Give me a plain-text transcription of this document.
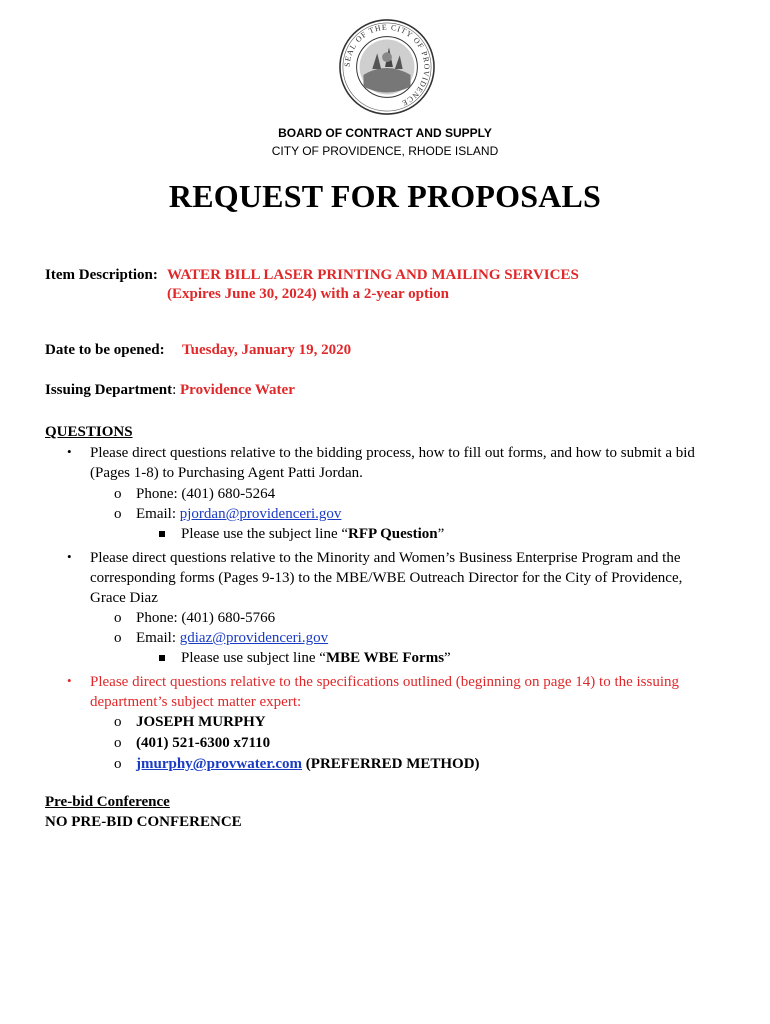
SEAL OF THE CITY OF PROVIDENCE
BOARD OF CONTRACT AND SUPPLY
CITY OF PROVIDENCE, RHODE ISLAND
REQUEST FOR PROPOSALS
Item Description: WATER BILL LASER PRINTING AND MAILING SERVICES
(Expires June 30, 2024) with a 2-year option
Date to be opened: Tuesday, January 19, 2020
Issuing Department: Providence Water
QUESTIONS
• Please direct questions relative to the bidding process, how to fill out forms, and how to submit a bid
(Pages 1-8) to Purchasing Agent Patti Jordan.
o Phone: (401) 680-5264
o Email: pjordan@providenceri.gov
Please use the subject line “RFP Question”
• Please direct questions relative to the Minority and Women’s Business Enterprise Program and the
corresponding forms (Pages 9-13) to the MBE/WBE Outreach Director for the City of Providence,
Grace Diaz
o Phone: (401) 680-5766
o Email: gdiaz@providenceri.gov
Please use subject line “MBE WBE Forms”
• Please direct questions relative to the specifications outlined (beginning on page 14) to the issuing
department’s subject matter expert:
o JOSEPH MURPHY
o (401) 521-6300 x7110
o jmurphy@provwater.com (PREFERRED METHOD)
Pre-bid Conference
NO PRE-BID CONFERENCE
